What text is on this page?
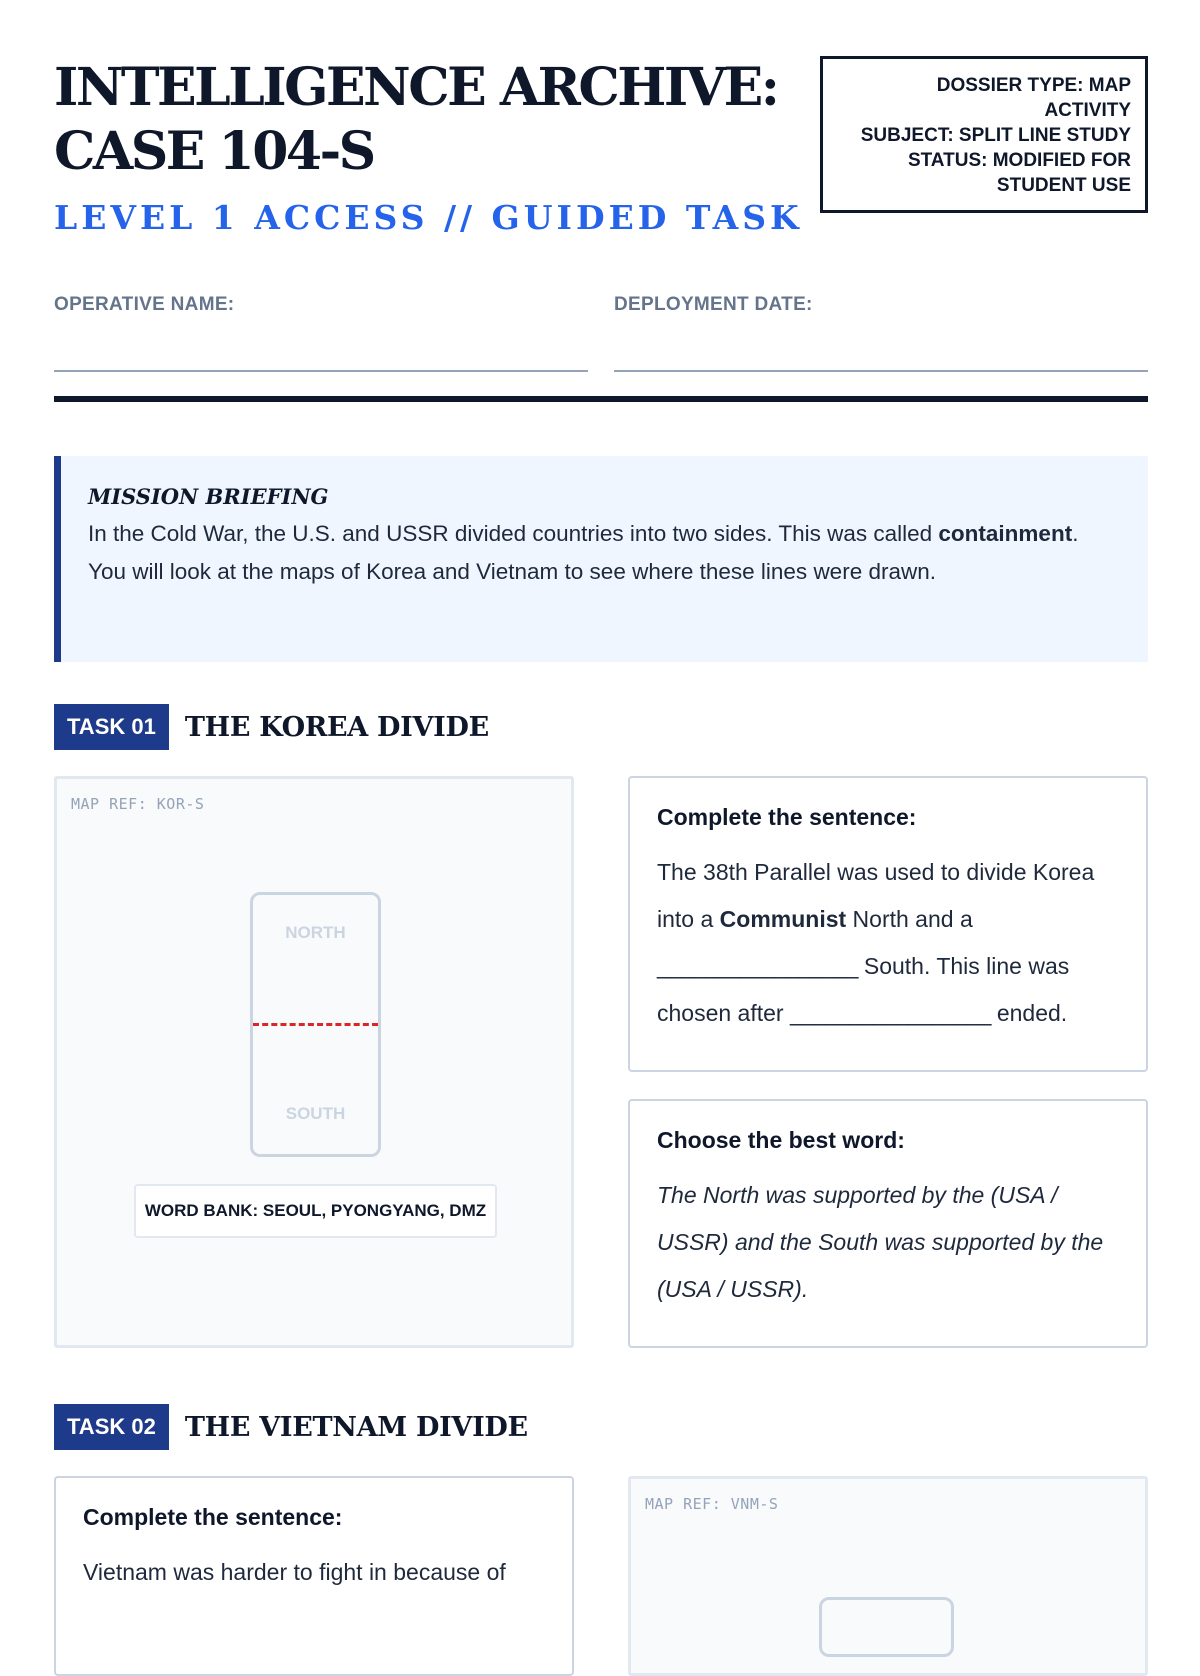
INTELLIGENCE ARCHIVE:
CASE 104-S
LEVEL 1 ACCESS // GUIDED TASK
DOSSIER TYPE: MAP
ACTIVITY
SUBJECT: SPLIT LINE STUDY
STATUS: MODIFIED FOR
STUDENT USE
OPERATIVE NAME:	DEPLOYMENT DATE:
MISSION BRIEFING
In the Cold War, the U.S. and USSR divided countries into two sides. This was called containment. You will look at the maps of Korea and Vietnam to see where these lines were drawn.
TASK 01	THE KOREA DIVIDE
MAP REF: KOR-S
NORTH
SOUTH
WORD BANK: SEOUL, PYONGYANG, DMZ
Complete the sentence:
The 38th Parallel was used to divide Korea into a Communist North and a _________________ South. This line was chosen after _________________ ended.
Choose the best word:
The North was supported by the (USA / USSR) and the South was supported by the (USA / USSR).
TASK 02	THE VIETNAM DIVIDE
Complete the sentence:
Vietnam was harder to fight in because of
MAP REF: VNM-S
